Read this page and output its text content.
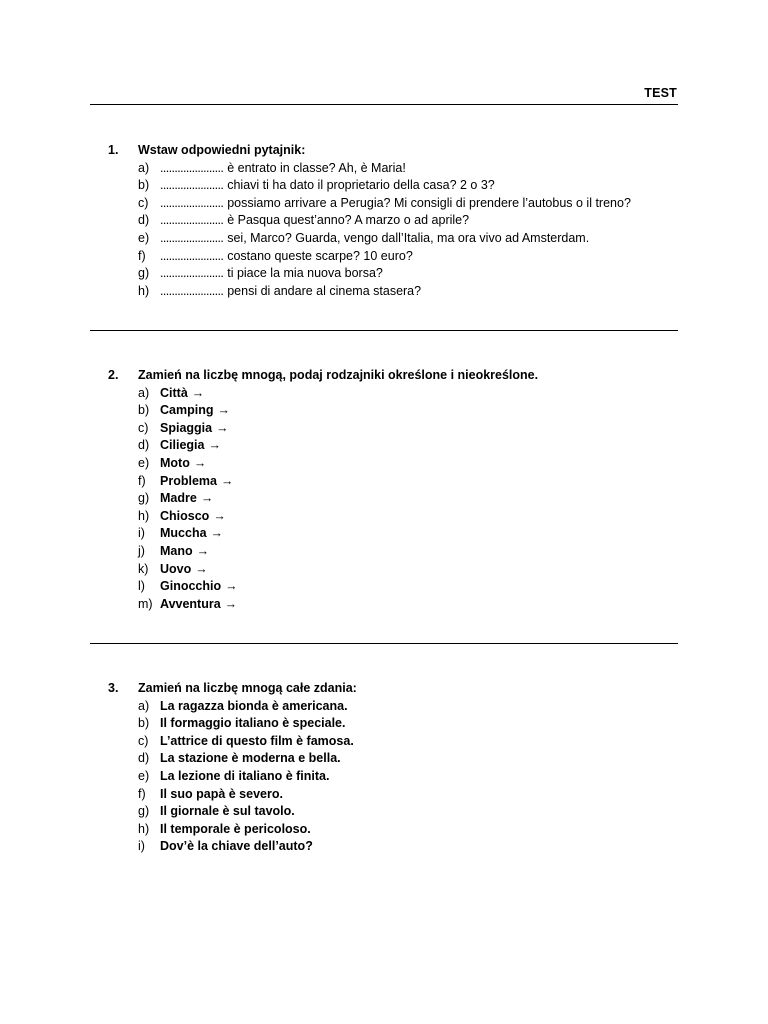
TEST
1.	Wstaw odpowiedni pytajnik:
a) ...................... è entrato in classe? Ah, è Maria!
b) ...................... chiavi ti ha dato il proprietario della casa? 2 o 3?
c) ...................... possiamo arrivare a Perugia? Mi consigli di prendere l’autobus o il treno?
d) ...................... è Pasqua quest’anno? A marzo o ad aprile?
e) ...................... sei, Marco? Guarda, vengo dall’Italia, ma ora vivo ad Amsterdam.
f)	...................... costano queste scarpe? 10 euro?
g) ...................... ti piace la mia nuova borsa?
h) ...................... pensi di andare al cinema stasera?
2.	Zamień na liczbę mnogą, podaj rodzajniki określone i nieokreślone.
a) Città →
b) Camping →
c) Spiaggia →
d) Ciliegia →
e) Moto →
f)	Problema →
g) Madre →
h) Chiosco →
i)	Muccha →
j)	Mano →
k) Uovo →
l)	Ginocchio →
m) Avventura →
3.	Zamień na liczbę mnogą całe zdania:
a) La ragazza bionda è americana.
b) Il formaggio italiano è speciale.
c) L’attrice di questo film è famosa.
d) La stazione è moderna e bella.
e) La lezione di italiano è finita.
f)	Il suo papà è severo.
g) Il giornale è sul tavolo.
h) Il temporale è pericoloso.
i)	Dov’è la chiave dell’auto?
